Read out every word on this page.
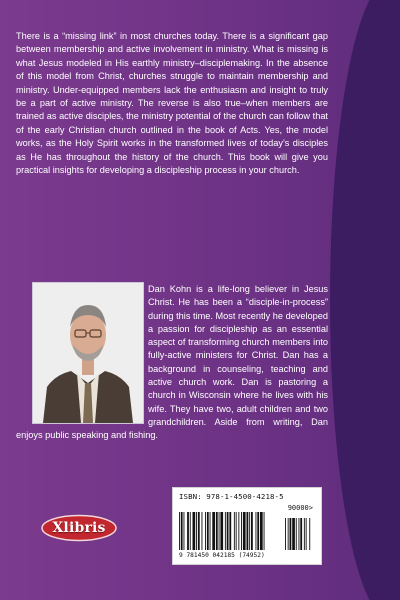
There is a “missing link” in most churches today. There is a significant gap between membership and active involvement in ministry. What is missing is what Jesus modeled in His earthly ministry–disciplemaking. In the absence of this model from Christ, churches struggle to maintain membership and ministry. Under-equipped members lack the enthusiasm and insight to truly be a part of active ministry. The reverse is also true–when members are trained as active disciples, the ministry potential of the church can follow that of the early Christian church outlined in the book of Acts. Yes, the model works, as the Holy Spirit works in the transformed lives of today’s disciples as He has throughout the history of the church. This book will give you practical insights for developing a discipleship process in your church.

Dan Kohn is a life-long believer in Jesus Christ. He has been a “disciple-in-process” during this time. Most recently he developed a passion for discipleship as an essential aspect of transforming church members into fully-active ministers for Christ. Dan has a background in counseling, teaching and active church work. Dan is pastoring a church in Wisconsin where he lives with his wife. They have two, adult children and two grandchildren. Aside from writing, Dan enjoys public speaking and fishing.

ISBN: 978-1-4500-4218-5
90000>
9 781450 042185 (74952)
Xlibris
